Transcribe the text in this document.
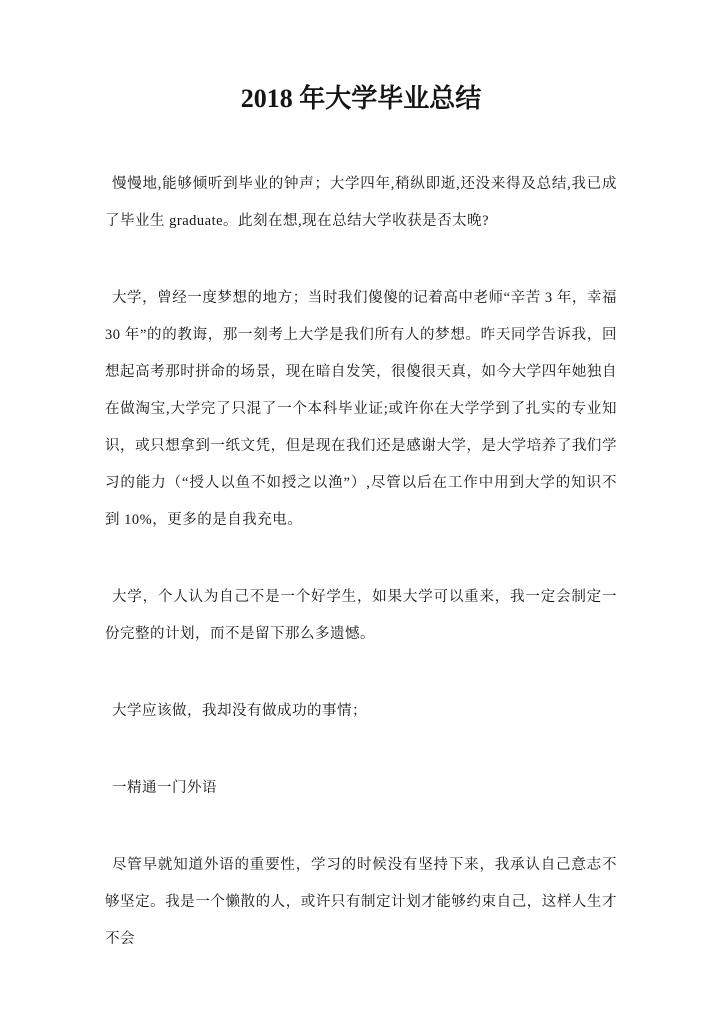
2018 年大学毕业总结

慢慢地,能够倾听到毕业的钟声；大学四年,稍纵即逝,还没来得及总结,我已成了毕业生 graduate。此刻在想,现在总结大学收获是否太晚?

大学，曾经一度梦想的地方；当时我们傻傻的记着高中老师“辛苦 3 年，幸福 30 年”的的教诲，那一刻考上大学是我们所有人的梦想。昨天同学告诉我，回想起高考那时拼命的场景，现在暗自发笑，很傻很天真，如今大学四年她独自在做淘宝,大学完了只混了一个本科毕业证;或许你在大学学到了扎实的专业知识，或只想拿到一纸文凭，但是现在我们还是感谢大学，是大学培养了我们学习的能力（“授人以鱼不如授之以渔”）,尽管以后在工作中用到大学的知识不到 10%，更多的是自我充电。

大学，个人认为自己不是一个好学生，如果大学可以重来，我一定会制定一份完整的计划，而不是留下那么多遗憾。

大学应该做，我却没有做成功的事情；

一精通一门外语

尽管早就知道外语的重要性，学习的时候没有坚持下来，我承认自己意志不够坚定。我是一个懒散的人，或许只有制定计划才能够约束自己，这样人生才不会
